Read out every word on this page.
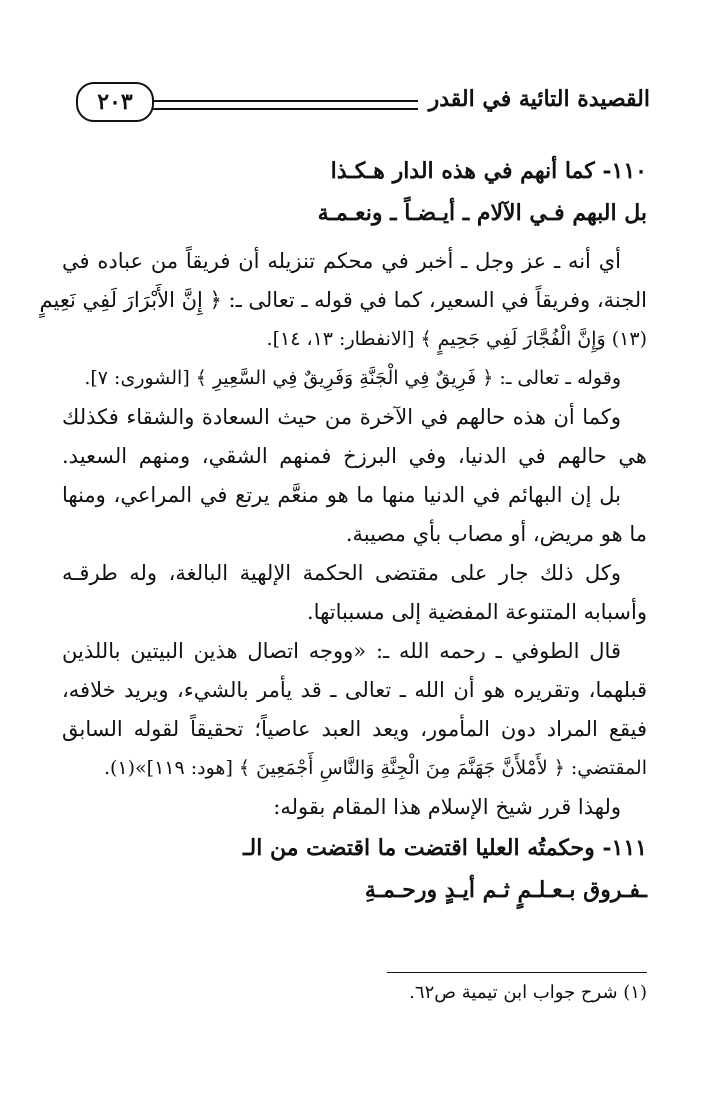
القصيدة التائية في القدر
٢٠٣
١١٠- كما أنهم في هذه الدار هـكـذا
بل البهم فـي الآلام ـ أيـضـاً ـ ونعـمـة
أي أنه ـ عز وجل ـ أخبر في محكم تنزيله أن فريقاً من عباده في
الجنة، وفريقاً في السعير، كما في قوله ـ تعالى ـ: ﴿ إِنَّ الأَبْرَارَ لَفِي نَعِيمٍ
(١٣) وَإِنَّ الْفُجَّارَ لَفِي جَحِيمٍ ﴾ [الانفطار: ١٣، ١٤].
وقوله ـ تعالى ـ: ﴿ فَرِيقٌ فِي الْجَنَّةِ وَفَرِيقٌ فِي السَّعِيرِ ﴾ [الشورى: ٧].
وكما أن هذه حالهم في الآخرة من حيث السعادة والشقاء فكذلك
هي حالهم في الدنيا، وفي البرزخ فمنهم الشقي، ومنهم السعيد.
بل إن البهائم في الدنيا منها ما هو منعَّم يرتع في المراعي، ومنها
ما هو مريض، أو مصاب بأي مصيبة.
وكل ذلك جار على مقتضى الحكمة الإلهية البالغة، وله طرقـه
وأسبابه المتنوعة المفضية إلى مسبباتها.
قال الطوفي ـ رحمه الله ـ: «ووجه اتصال هذين البيتين باللذين
قبلهما، وتقريره هو أن الله ـ تعالى ـ قد يأمر بالشيء، ويريد خلافه،
فيقع المراد دون المأمور، ويعد العبد عاصياً؛ تحقيقاً لقوله السابق
المقتضي: ﴿ لأَمْلأَنَّ جَهَنَّمَ مِنَ الْجِنَّةِ وَالنَّاسِ أَجْمَعِينَ ﴾ [هود: ١١٩]»(١).
ولهذا قرر شيخ الإسلام هذا المقام بقوله:
١١١- وحكمتُه العليا اقتضت ما اقتضت من الـ
ـفـروق بـعـلـمٍ ثـم أيـدٍ ورحـمـةِ
(١) شرح جواب ابن تيمية ص٦٢.
